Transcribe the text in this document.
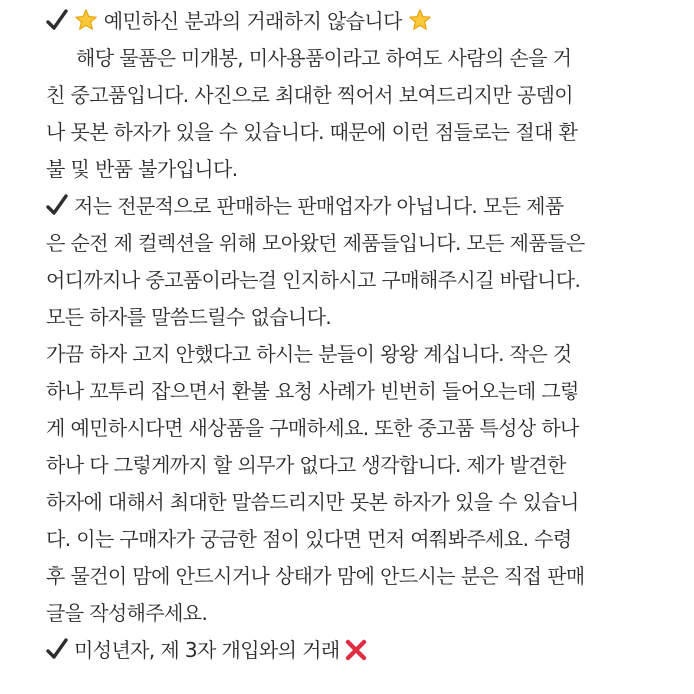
예민하신 분과의 거래하지 않습니다
해당 물품은 미개봉, 미사용품이라고 하여도 사람의 손을 거
친 중고품입니다. 사진으로 최대한 찍어서 보여드리지만 공뎀이
나 못본 하자가 있을 수 있습니다. 때문에 이런 점들로는 절대 환
불 및 반품 불가입니다.
저는 전문적으로 판매하는 판매업자가 아닙니다. 모든 제품
은 순전 제 컬렉션을 위해 모아왔던 제품들입니다. 모든 제품들은
어디까지나 중고품이라는걸 인지하시고 구매해주시길 바랍니다.
모든 하자를 말씀드릴수 없습니다.
가끔 하자 고지 안했다고 하시는 분들이 왕왕 계십니다. 작은 것
하나 꼬투리 잡으면서 환불 요청 사례가 빈번히 들어오는데 그렇
게 예민하시다면 새상품을 구매하세요. 또한 중고품 특성상 하나
하나 다 그렇게까지 할 의무가 없다고 생각합니다. 제가 발견한
하자에 대해서 최대한 말씀드리지만 못본 하자가 있을 수 있습니
다. 이는 구매자가 궁금한 점이 있다면 먼저 여쭤봐주세요. 수령
후 물건이 맘에 안드시거나 상태가 맘에 안드시는 분은 직접 판매
글을 작성해주세요.
미성년자, 제 3자 개입와의 거래
